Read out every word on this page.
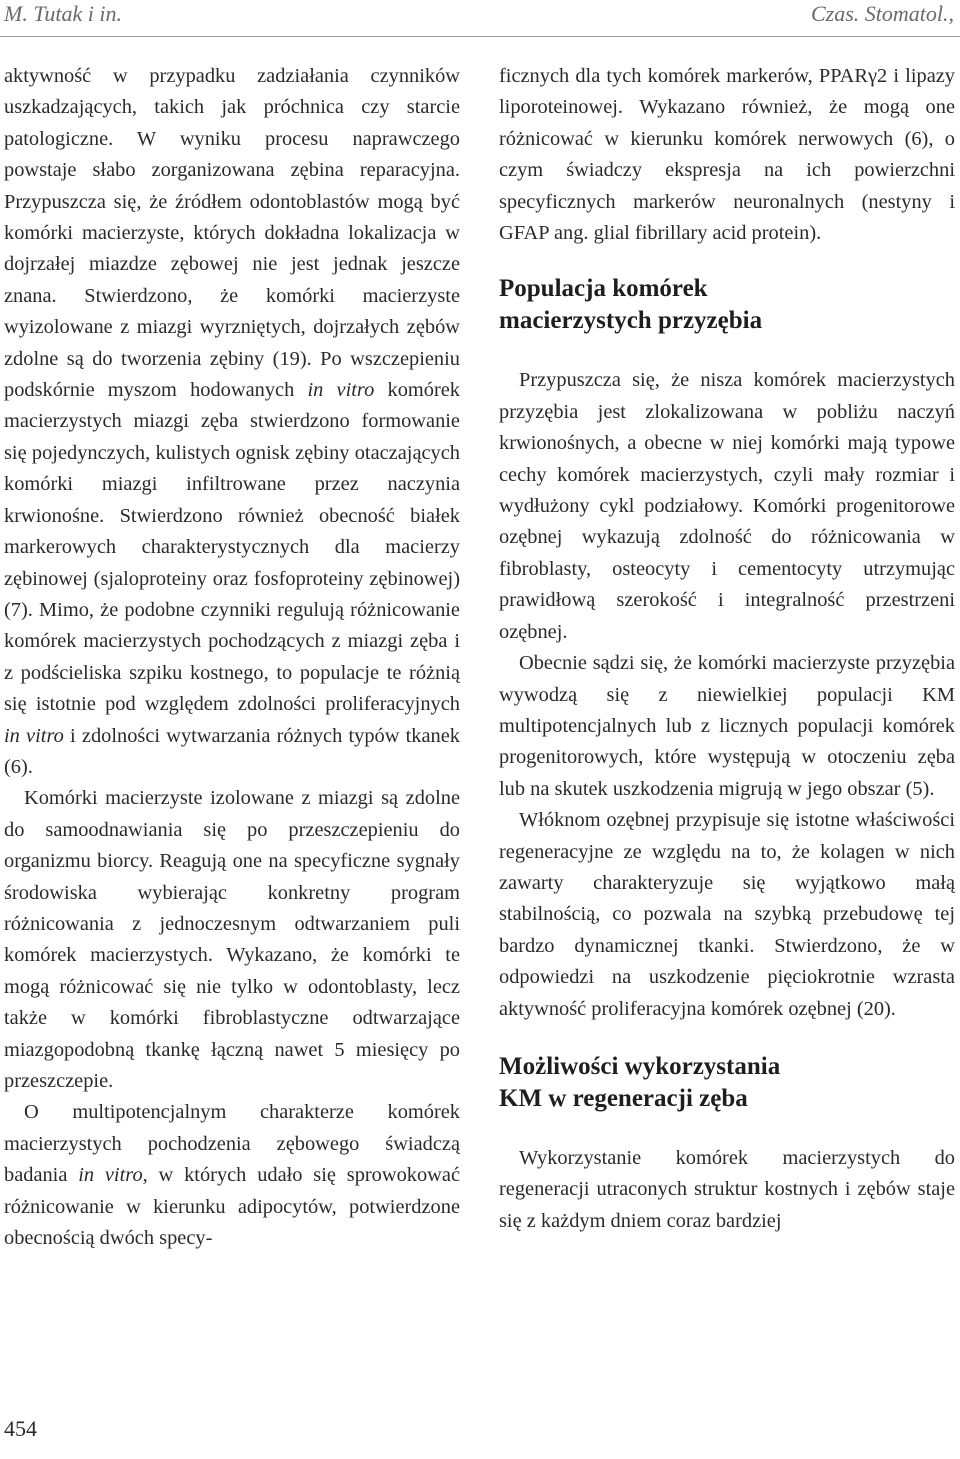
M. Tutak i in.	Czas. Stomatol.,

aktywność w przypadku zadziałania czynników uszkadzających, takich jak próchnica czy starcie patologiczne. W wyniku procesu naprawczego powstaje słabo zorganizowana zębina reparacyjna. Przypuszcza się, że źródłem odontoblastów mogą być komórki macierzyste, których dokładna lokalizacja w dojrzałej miazdze zębowej nie jest jednak jeszcze znana. Stwierdzono, że komórki macierzyste wyizolowane z miazgi wyrzniętych, dojrzałych zębów zdolne są do tworzenia zębiny (19). Po wszczepieniu podskórnie myszom hodowanych in vitro komórek macierzystych miazgi zęba stwierdzono formowanie się pojedynczych, kulistych ognisk zębiny otaczających komórki miazgi infiltrowane przez naczynia krwionośne. Stwierdzono również obecność białek markerowych charakterystycznych dla macierzy zębinowej (sjaloproteiny oraz fosfoproteiny zębinowej) (7). Mimo, że podobne czynniki regulują różnicowanie komórek macierzystych pochodzących z miazgi zęba i z podścieliska szpiku kostnego, to populacje te różnią się istotnie pod względem zdolności proliferacyjnych in vitro i zdolności wytwarzania różnych typów tkanek (6).

Komórki macierzyste izolowane z miazgi są zdolne do samoodnawiania się po przeszczepieniu do organizmu biorcy. Reagują one na specyficzne sygnały środowiska wybierając konkretny program różnicowania z jednoczesnym odtwarzaniem puli komórek macierzystych. Wykazano, że komórki te mogą różnicować się nie tylko w odontoblasty, lecz także w komórki fibroblastyczne odtwarzające miazgopodobną tkankę łączną nawet 5 miesięcy po przeszczepie.

O multipotencjalnym charakterze komórek macierzystych pochodzenia zębowego świadczą badania in vitro, w których udało się sprowokować różnicowanie w kierunku adipocytów, potwierdzone obecnością dwóch specy-

ficznych dla tych komórek markerów, PPARγ2 i lipazy liporoteinowej. Wykazano również, że mogą one różnicować w kierunku komórek nerwowych (6), o czym świadczy ekspresja na ich powierzchni specyficznych markerów neuronalnych (nestyny i GFAP ang. glial fibrillary acid protein).

Populacja komórek
macierzystych przyzębia

Przypuszcza się, że nisza komórek macierzystych przyzębia jest zlokalizowana w pobliżu naczyń krwionośnych, a obecne w niej komórki mają typowe cechy komórek macierzystych, czyli mały rozmiar i wydłużony cykl podziałowy. Komórki progenitorowe ozębnej wykazują zdolność do różnicowania w fibroblasty, osteocyty i cementocyty utrzymując prawidłową szerokość i integralność przestrzeni ozębnej.

Obecnie sądzi się, że komórki macierzyste przyzębia wywodzą się z niewielkiej populacji KM multipotencjalnych lub z licznych populacji komórek progenitorowych, które występują w otoczeniu zęba lub na skutek uszkodzenia migrują w jego obszar (5).

Włóknom ozębnej przypisuje się istotne właściwości regeneracyjne ze względu na to, że kolagen w nich zawarty charakteryzuje się wyjątkowo małą stabilnością, co pozwala na szybką przebudowę tej bardzo dynamicznej tkanki. Stwierdzono, że w odpowiedzi na uszkodzenie pięciokrotnie wzrasta aktywność proliferacyjna komórek ozębnej (20).

Możliwości wykorzystania
KM w regeneracji zęba

Wykorzystanie komórek macierzystych do regeneracji utraconych struktur kostnych i zębów staje się z każdym dniem coraz bardziej

454
